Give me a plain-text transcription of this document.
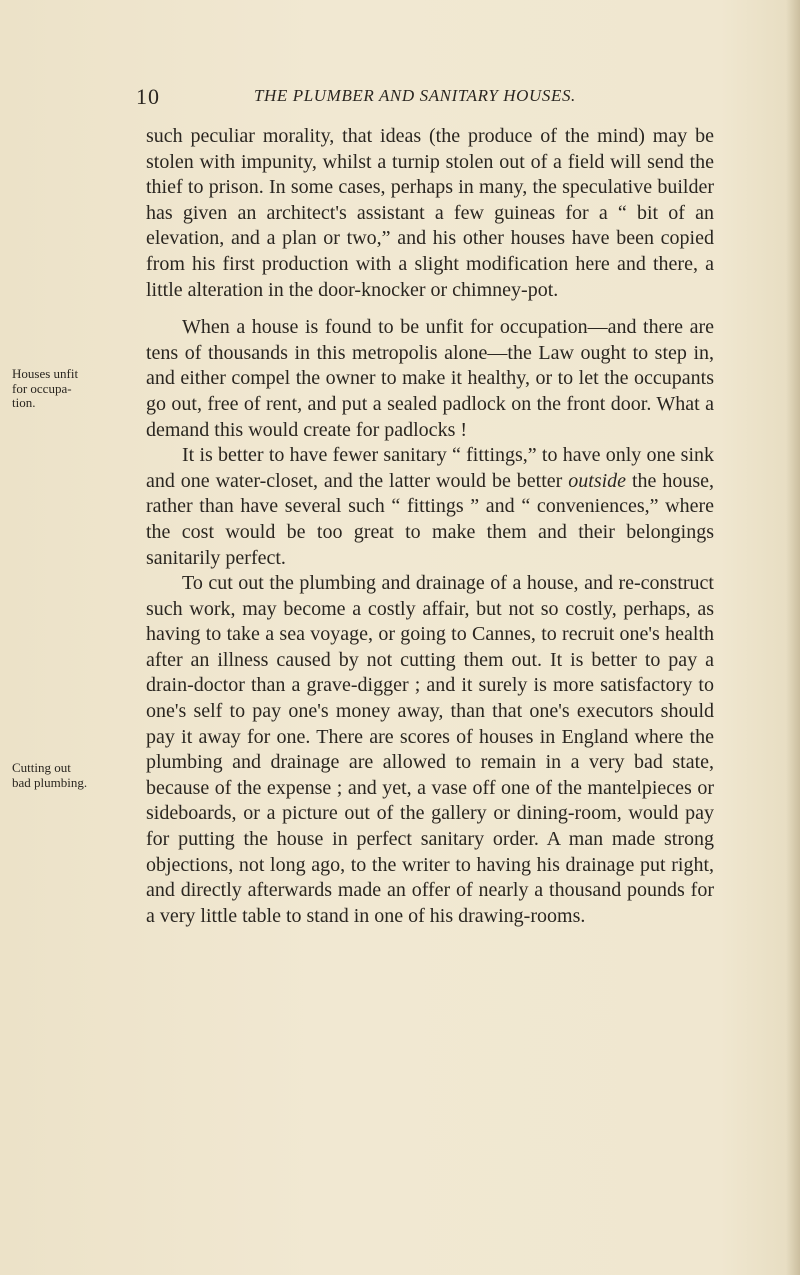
10	THE PLUMBER AND SANITARY HOUSES.
Houses unfit
for occupa-
tion.
Cutting out
bad plumbing.

such peculiar morality, that ideas (the produce of the mind) may be stolen with impunity, whilst a turnip stolen out of a field will send the thief to prison. In some cases, perhaps in many, the speculative builder has given an architect's assistant a few guineas for a “ bit of an elevation, and a plan or two,” and his other houses have been copied from his first production with a slight modification here and there, a little alteration in the door-knocker or chimney-pot.

When a house is found to be unfit for occupation—and there are tens of thousands in this metropolis alone—the Law ought to step in, and either compel the owner to make it healthy, or to let the occupants go out, free of rent, and put a sealed padlock on the front door. What a demand this would create for padlocks !

It is better to have fewer sanitary “ fittings,” to have only one sink and one water-closet, and the latter would be better outside the house, rather than have several such “ fittings ” and “ conveniences,” where the cost would be too great to make them and their belongings sanitarily perfect.

To cut out the plumbing and drainage of a house, and re-construct such work, may become a costly affair, but not so costly, perhaps, as having to take a sea voyage, or going to Cannes, to recruit one's health after an illness caused by not cutting them out. It is better to pay a drain-doctor than a grave-digger ; and it surely is more satisfactory to one's self to pay one's money away, than that one's executors should pay it away for one. There are scores of houses in England where the plumbing and drainage are allowed to remain in a very bad state, because of the expense ; and yet, a vase off one of the mantelpieces or sideboards, or a picture out of the gallery or dining-room, would pay for putting the house in perfect sanitary order. A man made strong objections, not long ago, to the writer to having his drainage put right, and directly afterwards made an offer of nearly a thousand pounds for a very little table to stand in one of his drawing-rooms.
